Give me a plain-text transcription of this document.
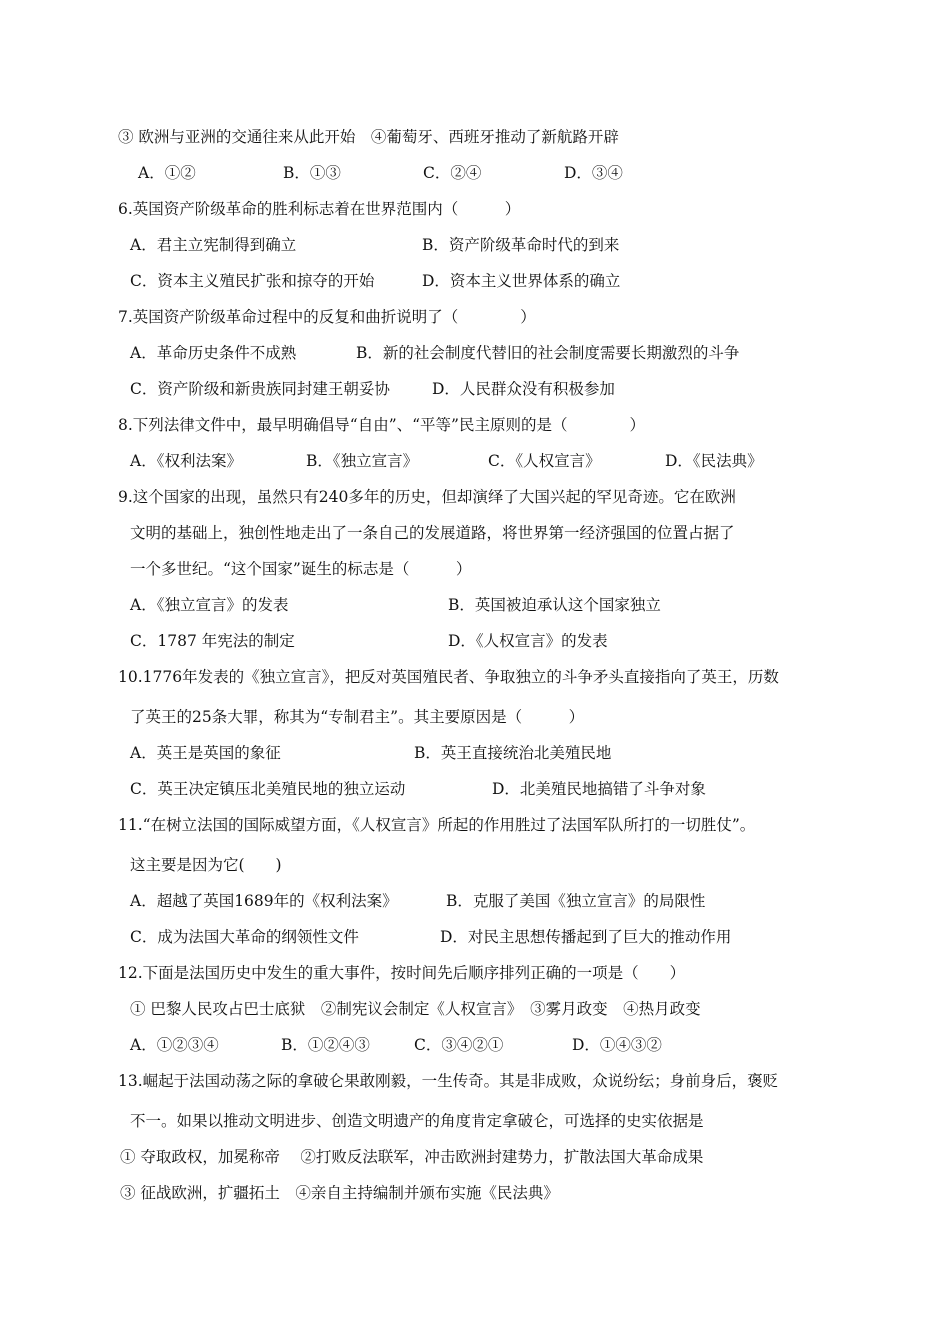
③ 欧洲与亚洲的交通往来从此开始　④葡萄牙、西班牙推动了新航路开辟
A．①②	B．①③	C．②④	D．③④
6.英国资产阶级革命的胜利标志着在世界范围内（　　　）
A．君主立宪制得到确立	B．资产阶级革命时代的到来
C．资本主义殖民扩张和掠夺的开始	D．资本主义世界体系的确立
7.英国资产阶级革命过程中的反复和曲折说明了（　　　　）
A．革命历史条件不成熟	B．新的社会制度代替旧的社会制度需要长期激烈的斗争
C．资产阶级和新贵族同封建王朝妥协	D．人民群众没有积极参加
8.下列法律文件中，最早明确倡导“自由”、“平等”民主原则的是（　　　　）
A．《权利法案》	B．《独立宣言》	C．《人权宣言》	D．《民法典》
9.这个国家的出现，虽然只有240多年的历史，但却演绎了大国兴起的罕见奇迹。它在欧洲
文明的基础上，独创性地走出了一条自己的发展道路，将世界第一经济强国的位置占据了
一个多世纪。“这个国家”诞生的标志是（　　　）
A．《独立宣言》的发表	B．英国被迫承认这个国家独立
C．1787 年宪法的制定	D．《人权宣言》的发表
10.1776年发表的《独立宣言》，把反对英国殖民者、争取独立的斗争矛头直接指向了英王，历数
了英王的25条大罪，称其为“专制君主”。其主要原因是（　　　）
A．英王是英国的象征	B．英王直接统治北美殖民地
C．英王决定镇压北美殖民地的独立运动	D．北美殖民地搞错了斗争对象
11.“在树立法国的国际威望方面，《人权宣言》所起的作用胜过了法国军队所打的一切胜仗”。
这主要是因为它(　　)
A．超越了英国1689年的《权利法案》	B．克服了美国《独立宣言》的局限性
C．成为法国大革命的纲领性文件	D．对民主思想传播起到了巨大的推动作用
12.下面是法国历史中发生的重大事件，按时间先后顺序排列正确的一项是（　　）
① 巴黎人民攻占巴士底狱　②制宪议会制定《人权宣言》　③雾月政变　④热月政变
A．①②③④	B．①②④③	C．③④②①	D．①④③②
13.崛起于法国动荡之际的拿破仑果敢刚毅，一生传奇。其是非成败，众说纷纭；身前身后，褒贬
不一。如果以推动文明进步、创造文明遗产的角度肯定拿破仑，可选择的史实依据是
① 夺取政权，加冕称帝　 ②打败反法联军，冲击欧洲封建势力，扩散法国大革命成果
③ 征战欧洲，扩疆拓土　④亲自主持编制并颁布实施《民法典》
